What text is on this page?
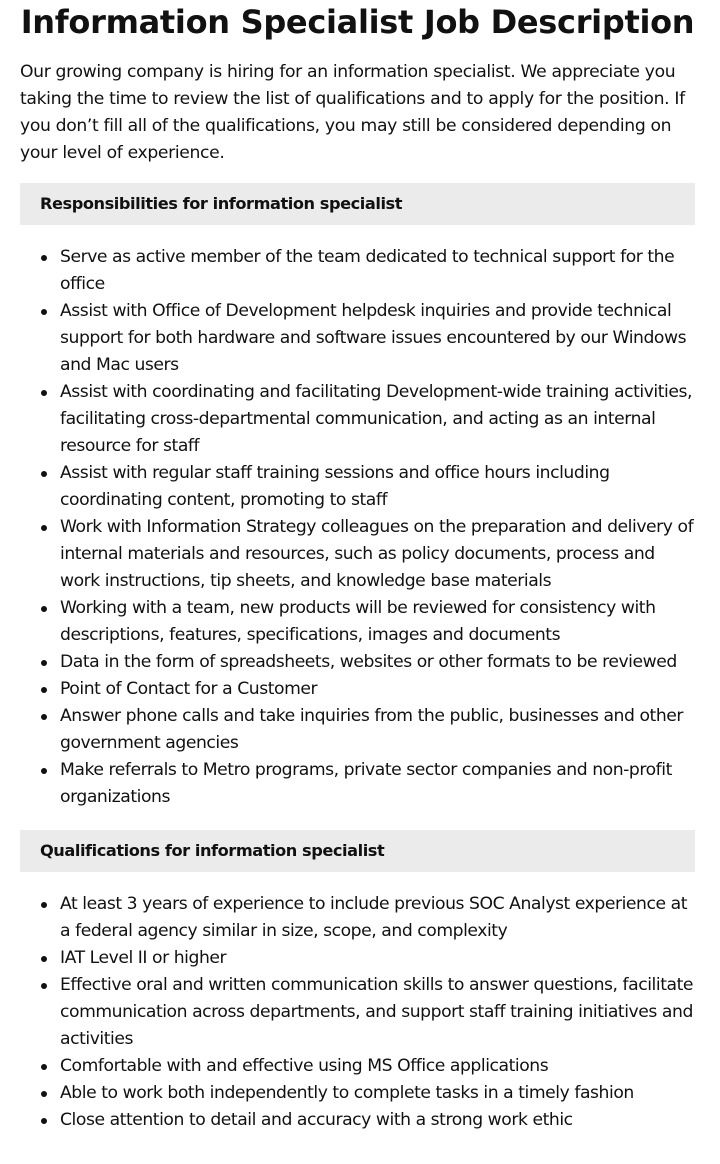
Information Specialist Job Description

Our growing company is hiring for an information specialist. We appreciate you taking the time to review the list of qualifications and to apply for the position. If you don’t fill all of the qualifications, you may still be considered depending on your level of experience.

Responsibilities for information specialist
Serve as active member of the team dedicated to technical support for the office
Assist with Office of Development helpdesk inquiries and provide technical support for both hardware and software issues encountered by our Windows and Mac users
Assist with coordinating and facilitating Development-wide training activities, facilitating cross-departmental communication, and acting as an internal resource for staff
Assist with regular staff training sessions and office hours including coordinating content, promoting to staff
Work with Information Strategy colleagues on the preparation and delivery of internal materials and resources, such as policy documents, process and work instructions, tip sheets, and knowledge base materials
Working with a team, new products will be reviewed for consistency with descriptions, features, specifications, images and documents
Data in the form of spreadsheets, websites or other formats to be reviewed
Point of Contact for a Customer
Answer phone calls and take inquiries from the public, businesses and other government agencies
Make referrals to Metro programs, private sector companies and non-profit organizations
Qualifications for information specialist
At least 3 years of experience to include previous SOC Analyst experience at a federal agency similar in size, scope, and complexity
IAT Level II or higher
Effective oral and written communication skills to answer questions, facilitate communication across departments, and support staff training initiatives and activities
Comfortable with and effective using MS Office applications
Able to work both independently to complete tasks in a timely fashion
Close attention to detail and accuracy with a strong work ethic
